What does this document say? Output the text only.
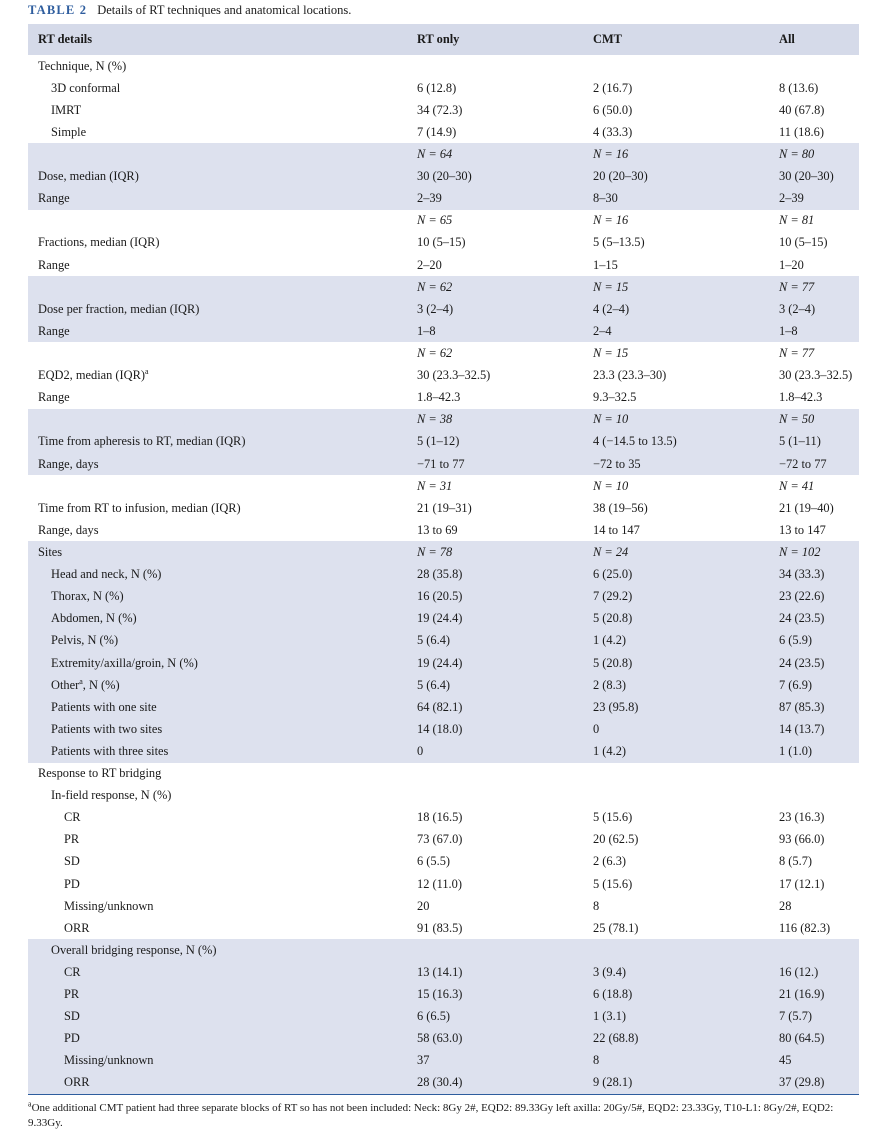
TABLE 2 Details of RT techniques and anatomical locations.
RT details	RT only	CMT	All
Technique, N (%)			
3D conformal	6 (12.8)	2 (16.7)	8 (13.6)
IMRT	34 (72.3)	6 (50.0)	40 (67.8)
Simple	7 (14.9)	4 (33.3)	11 (18.6)
	N = 64	N = 16	N = 80
Dose, median (IQR)	30 (20–30)	20 (20–30)	30 (20–30)
Range	2–39	8–30	2–39
	N = 65	N = 16	N = 81
Fractions, median (IQR)	10 (5–15)	5 (5–13.5)	10 (5–15)
Range	2–20	1–15	1–20
	N = 62	N = 15	N = 77
Dose per fraction, median (IQR)	3 (2–4)	4 (2–4)	3 (2–4)
Range	1–8	2–4	1–8
	N = 62	N = 15	N = 77
EQD2, median (IQR)$^a$	30 (23.3–32.5)	23.3 (23.3–30)	30 (23.3–32.5)
Range	1.8–42.3	9.3–32.5	1.8–42.3
	N = 38	N = 10	N = 50
Time from apheresis to RT, median (IQR)	5 (1–12)	4 (−14.5 to 13.5)	5 (1–11)
Range, days	−71 to 77	−72 to 35	−72 to 77
	N = 31	N = 10	N = 41
Time from RT to infusion, median (IQR)	21 (19–31)	38 (19–56)	21 (19–40)
Range, days	13 to 69	14 to 147	13 to 147
Sites	N = 78	N = 24	N = 102
Head and neck, N (%)	28 (35.8)	6 (25.0)	34 (33.3)
Thorax, N (%)	16 (20.5)	7 (29.2)	23 (22.6)
Abdomen, N (%)	19 (24.4)	5 (20.8)	24 (23.5)
Pelvis, N (%)	5 (6.4)	1 (4.2)	6 (5.9)
Extremity/axilla/groin, N (%)	19 (24.4)	5 (20.8)	24 (23.5)
Other$^a$, N (%)	5 (6.4)	2 (8.3)	7 (6.9)
Patients with one site	64 (82.1)	23 (95.8)	87 (85.3)
Patients with two sites	14 (18.0)	0	14 (13.7)
Patients with three sites	0	1 (4.2)	1 (1.0)
Response to RT bridging			
In-field response, N (%)			
CR	18 (16.5)	5 (15.6)	23 (16.3)
PR	73 (67.0)	20 (62.5)	93 (66.0)
SD	6 (5.5)	2 (6.3)	8 (5.7)
PD	12 (11.0)	5 (15.6)	17 (12.1)
Missing/unknown	20	8	28
ORR	91 (83.5)	25 (78.1)	116 (82.3)
Overall bridging response, N (%)			
CR	13 (14.1)	3 (9.4)	16 (12.)
PR	15 (16.3)	6 (18.8)	21 (16.9)
SD	6 (6.5)	1 (3.1)	7 (5.7)
PD	58 (63.0)	22 (68.8)	80 (64.5)
Missing/unknown	37	8	45
ORR	28 (30.4)	9 (28.1)	37 (29.8)
$^a$One additional CMT patient had three separate blocks of RT so has not been included: Neck: 8Gy 2#, EQD2: 89.33Gy left axilla: 20Gy/5#, EQD2: 23.33Gy, T10-L1: 8Gy/2#, EQD2: 9.33Gy.
